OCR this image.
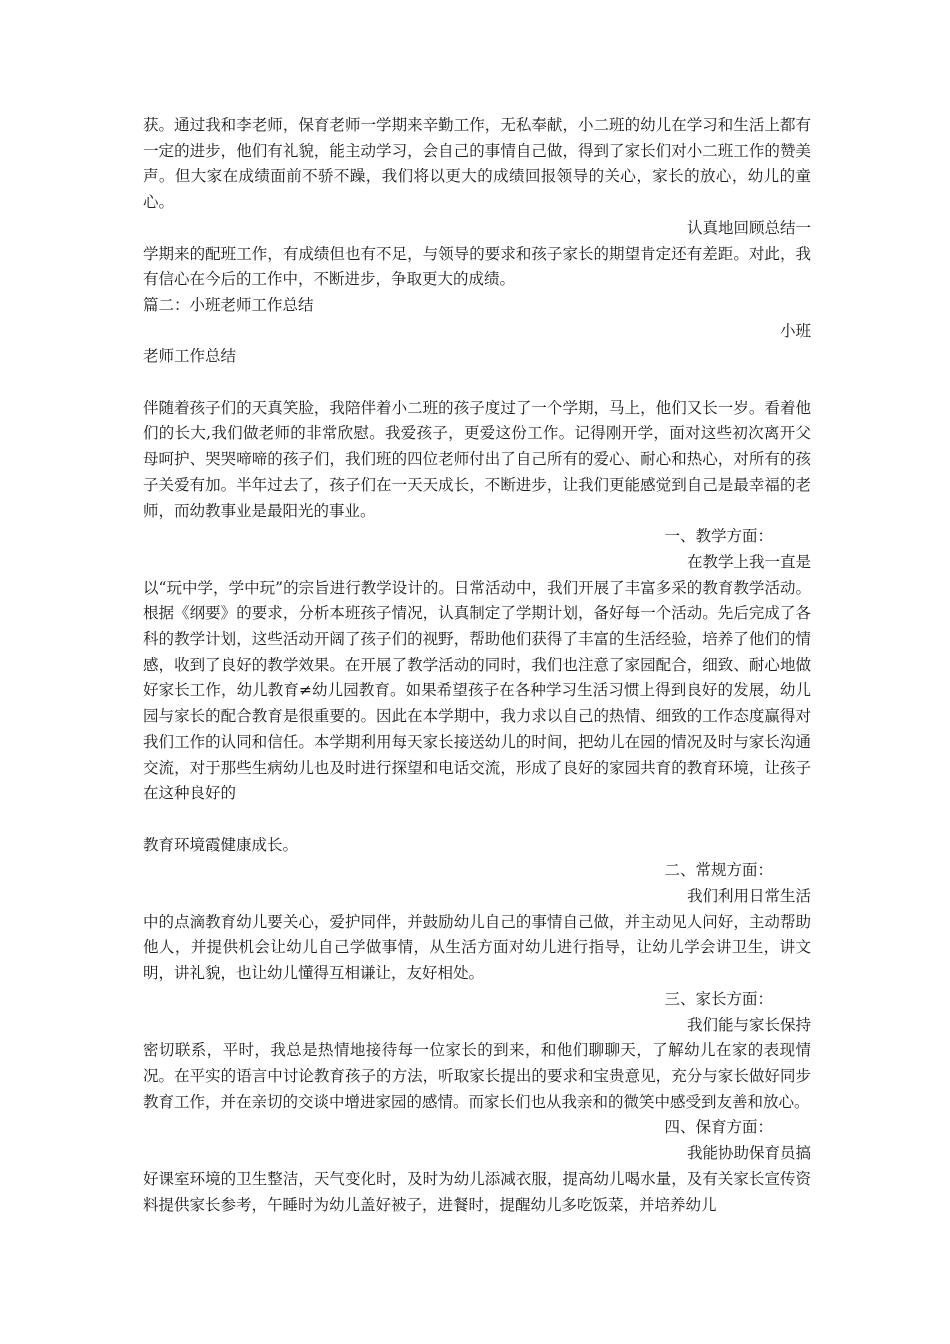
获。通过我和李老师，保育老师一学期来辛勤工作，无私奉献，小二班的幼儿在学习和生活上都有一定的进步，他们有礼貌，能主动学习，会自己的事情自己做，得到了家长们对小二班工作的赞美声。但大家在成绩面前不骄不躁，我们将以更大的成绩回报领导的关心，家长的放心，幼儿的童心。

认真地回顾总结一

学期来的配班工作，有成绩但也有不足，与领导的要求和孩子家长的期望肯定还有差距。对此，我有信心在今后的工作中，不断进步，争取更大的成绩。

篇二：小班老师工作总结

小班

老师工作总结

伴随着孩子们的天真笑脸，我陪伴着小二班的孩子度过了一个学期，马上，他们又长一岁。看着他们的长大,我们做老师的非常欣慰。我爱孩子，更爱这份工作。记得刚开学，面对这些初次离开父母呵护、哭哭啼啼的孩子们，我们班的四位老师付出了自己所有的爱心、耐心和热心，对所有的孩子关爱有加。半年过去了，孩子们在一天天成长，不断进步，让我们更能感觉到自己是最幸福的老师，而幼教事业是最阳光的事业。

一、教学方面：

在教学上我一直是

以“玩中学，学中玩”的宗旨进行教学设计的。日常活动中，我们开展了丰富多采的教育教学活动。根据《纲要》的要求，分析本班孩子情况，认真制定了学期计划，备好每一个活动。先后完成了各科的教学计划，这些活动开阔了孩子们的视野，帮助他们获得了丰富的生活经验，培养了他们的情感，收到了良好的教学效果。在开展了教学活动的同时，我们也注意了家园配合，细致、耐心地做好家长工作，幼儿教育≠幼儿园教育。如果希望孩子在各种学习生活习惯上得到良好的发展，幼儿园与家长的配合教育是很重要的。因此在本学期中，我力求以自己的热情、细致的工作态度赢得对我们工作的认同和信任。本学期利用每天家长接送幼儿的时间，把幼儿在园的情况及时与家长沟通交流，对于那些生病幼儿也及时进行探望和电话交流，形成了良好的家园共育的教育环境，让孩子在这种良好的

教育环境霞健康成长。

二、常规方面：

我们利用日常生活

中的点滴教育幼儿要关心，爱护同伴，并鼓励幼儿自己的事情自己做，并主动见人问好，主动帮助他人，并提供机会让幼儿自己学做事情，从生活方面对幼儿进行指导，让幼儿学会讲卫生，讲文明，讲礼貌，也让幼儿懂得互相谦让，友好相处。

三、家长方面：

我们能与家长保持

密切联系，平时，我总是热情地接待每一位家长的到来，和他们聊聊天，了解幼儿在家的表现情况。在平实的语言中讨论教育孩子的方法，听取家长提出的要求和宝贵意见，充分与家长做好同步教育工作，并在亲切的交谈中增进家园的感情。而家长们也从我亲和的微笑中感受到友善和放心。

四、保育方面：

我能协助保育员搞

好课室环境的卫生整洁，天气变化时，及时为幼儿添减衣服，提高幼儿喝水量，及有关家长宣传资料提供家长参考，午睡时为幼儿盖好被子，进餐时，提醒幼儿多吃饭菜，并培养幼儿
